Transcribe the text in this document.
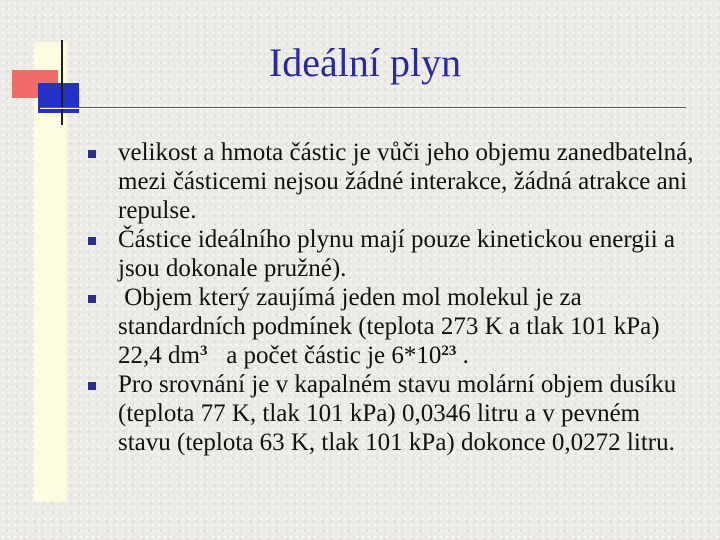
Ideální plyn
velikost a hmota částic je vůči jeho objemu zanedbatelná, mezi částicemi nejsou žádné interakce, žádná atrakce ani repulse.
Částice ideálního plynu mají pouze kinetickou energii a jsou dokonale pružné).
Objem který zaujímá jeden mol molekul je za standardních podmínek (teplota 273 K a tlak 101 kPa)  22,4 $dm^3$   a počet částic je $6*10^{23}$ .
Pro srovnání je v kapalném stavu molární objem dusíku (teplota 77 K, tlak 101 kPa) 0,0346 litru a v pevném stavu (teplota 63 K, tlak 101 kPa) dokonce 0,0272 litru.
